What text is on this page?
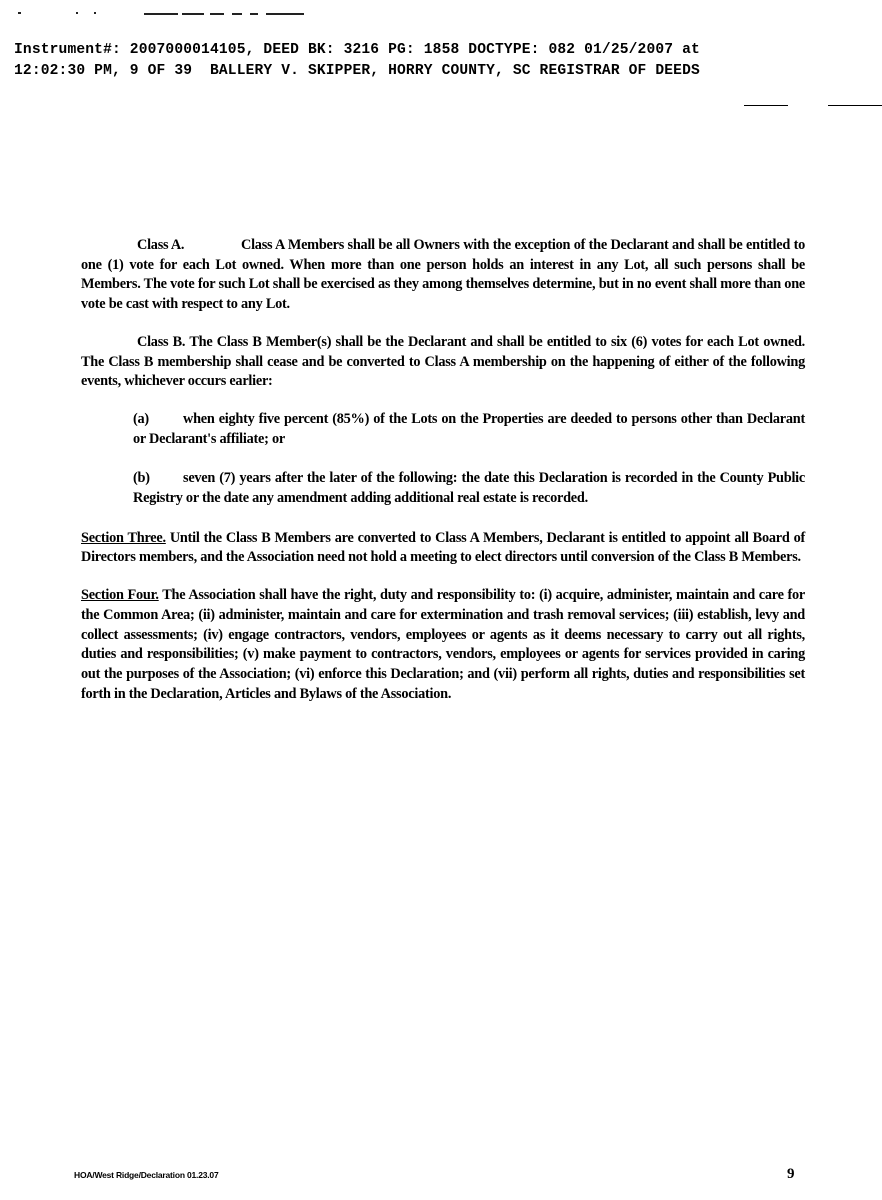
Instrument#: 2007000014105, DEED BK: 3216 PG: 1858 DOCTYPE: 082 01/25/2007 at
12:02:30 PM, 9 OF 39  BALLERY V. SKIPPER, HORRY COUNTY, SC REGISTRAR OF DEEDS

Class A.	Class A Members shall be all Owners with the exception of the Declarant and shall be entitled to one (1) vote for each Lot owned. When more than one person holds an interest in any Lot, all such persons shall be Members. The vote for such Lot shall be exercised as they among themselves determine, but in no event shall more than one vote be cast with respect to any Lot.

Class B. The Class B Member(s) shall be the Declarant and shall be entitled to six (6) votes for each Lot owned. The Class B membership shall cease and be converted to Class A membership on the happening of either of the following events, whichever occurs earlier:

(a) when eighty five percent (85%) of the Lots on the Properties are deeded to persons other than Declarant or Declarant's affiliate; or

(b) seven (7) years after the later of the following: the date this Declaration is recorded in the County Public Registry or the date any amendment adding additional real estate is recorded.

Section Three. Until the Class B Members are converted to Class A Members, Declarant is entitled to appoint all Board of Directors members, and the Association need not hold a meeting to elect directors until conversion of the Class B Members.

Section Four. The Association shall have the right, duty and responsibility to: (i) acquire, administer, maintain and care for the Common Area; (ii) administer, maintain and care for extermination and trash removal services; (iii) establish, levy and collect assessments; (iv) engage contractors, vendors, employees or agents as it deems necessary to carry out all rights, duties and responsibilities; (v) make payment to contractors, vendors, employees or agents for services provided in caring out the purposes of the Association; (vi) enforce this Declaration; and (vii) perform all rights, duties and responsibilities set forth in the Declaration, Articles and Bylaws of the Association.

HOA/West Ridge/Declaration 01.23.07	9
